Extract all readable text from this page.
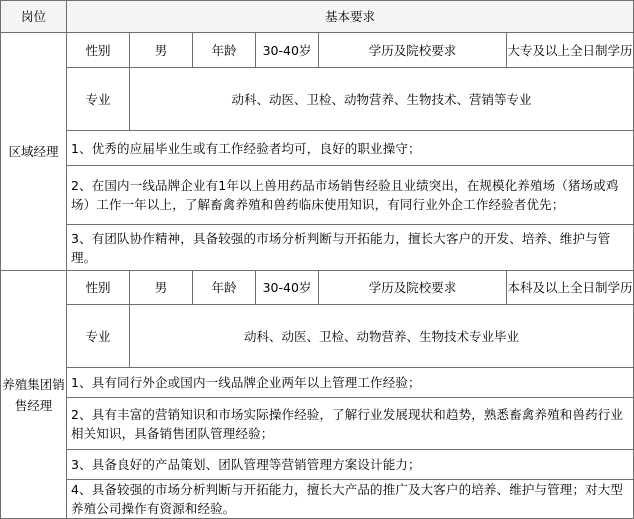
岗位	基本要求					
区域经理	性别	男	年龄	30-40岁	学历及院校要求	大专及以上全日制学历
	专业	动科、动医、卫检、动物营养、生物技术、营销等专业				
	1、优秀的应届毕业生或有工作经验者均可，良好的职业操守；					
	2、在国内一线品牌企业有1年以上兽用药品市场销售经验且业绩突出，在规模化养殖场（猪场或鸡场）工作一年以上，了解畜禽养殖和兽药临床使用知识，有同行业外企工作经验者优先；					
	3、有团队协作精神，具备较强的市场分析判断与开拓能力，擅长大客户的开发、培养、维护与管理。					
养殖集团销售经理	性别	男	年龄	30-40岁	学历及院校要求	本科及以上全日制学历
	专业	动科、动医、卫检、动物营养、生物技术专业毕业				
	1、具有同行外企或国内一线品牌企业两年以上管理工作经验；					
	2、具有丰富的营销知识和市场实际操作经验，了解行业发展现状和趋势，熟悉畜禽养殖和兽药行业相关知识，具备销售团队管理经验；					
	3、具备良好的产品策划、团队管理等营销管理方案设计能力；					
	4、具备较强的市场分析判断与开拓能力，擅长大产品的推广及大客户的培养、维护与管理；对大型养殖公司操作有资源和经验。					
